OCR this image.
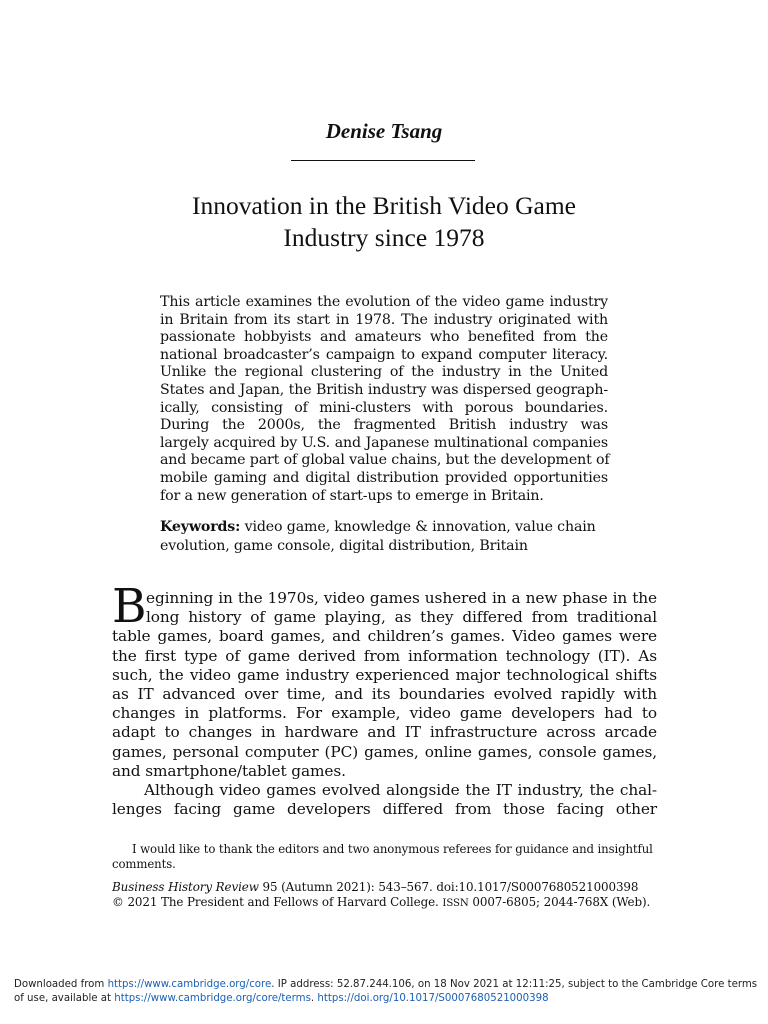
Denise Tsang
Innovation in the British Video Game
Industry since 1978
This article examines the evolution of the video game industry
in Britain from its start in 1978. The industry originated with
passionate hobbyists and amateurs who benefited from the
national broadcaster’s campaign to expand computer literacy.
Unlike the regional clustering of the industry in the United
States and Japan, the British industry was dispersed geograph-
ically, consisting of mini-clusters with porous boundaries.
During the 2000s, the fragmented British industry was
largely acquired by U.S. and Japanese multinational companies
and became part of global value chains, but the development of
mobile gaming and digital distribution provided opportunities
for a new generation of start-ups to emerge in Britain.
Keywords: video game, knowledge & innovation, value chain
evolution, game console, digital distribution, Britain
B eginning in the 1970s, video games ushered in a new phase in the
long history of game playing, as they differed from traditional
table games, board games, and children’s games. Video games were
the first type of game derived from information technology (IT). As
such, the video game industry experienced major technological shifts
as IT advanced over time, and its boundaries evolved rapidly with
changes in platforms. For example, video game developers had to
adapt to changes in hardware and IT infrastructure across arcade
games, personal computer (PC) games, online games, console games,
and smartphone/tablet games.
Although video games evolved alongside the IT industry, the chal-
lenges facing game developers differed from those facing other
I would like to thank the editors and two anonymous referees for guidance and insightful
comments.
Business History Review 95 (Autumn 2021): 543–567. doi:10.1017/S0007680521000398
© 2021 The President and Fellows of Harvard College. ISSN 0007-6805; 2044-768X (Web).
Downloaded from https://www.cambridge.org/core. IP address: 52.87.244.106, on 18 Nov 2021 at 12:11:25, subject to the Cambridge Core terms
of use, available at https://www.cambridge.org/core/terms. https://doi.org/10.1017/S0007680521000398
